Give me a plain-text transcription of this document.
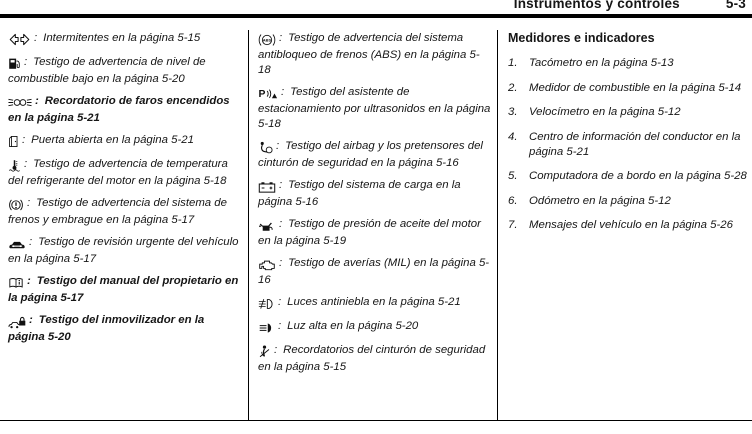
Instrumentos y controles	5-3
: Intermitentes en la página 5-15
: Testigo de advertencia de nivel de combustible bajo en la página 5-20
: Recordatorio de faros encendidos en la página 5-21
: Puerta abierta en la página 5-21
: Testigo de advertencia de temperatura del refrigerante del motor en la página 5-18
: Testigo de advertencia del sistema de frenos y embrague en la página 5-17
: Testigo de revisión urgente del vehículo en la página 5-17
: Testigo del manual del propietario en la página 5-17
: Testigo del inmovilizador en la página 5-20
ABS : Testigo de advertencia del sistema antibloqueo de frenos (ABS) en la página 5-18
P : Testigo del asistente de estacionamiento por ultrasonidos en la página 5-18
: Testigo del airbag y los pretensores del cinturón de seguridad en la página 5-16
: Testigo del sistema de carga en la página 5-16
: Testigo de presión de aceite del motor en la página 5-19
: Testigo de averías (MIL) en la página 5-16
: Luces antiniebla en la página 5-21
: Luz alta en la página 5-20
: Recordatorios del cinturón de seguridad en la página 5-15
Medidores e indicadores
1.	Tacómetro en la página 5-13
2.	Medidor de combustible en la página 5-14
3.	Velocímetro en la página 5-12
4.	Centro de información del conductor en la página 5-21
5.	Computadora de a bordo en la página 5-28
6.	Odómetro en la página 5-12
7.	Mensajes del vehículo en la página 5-26
